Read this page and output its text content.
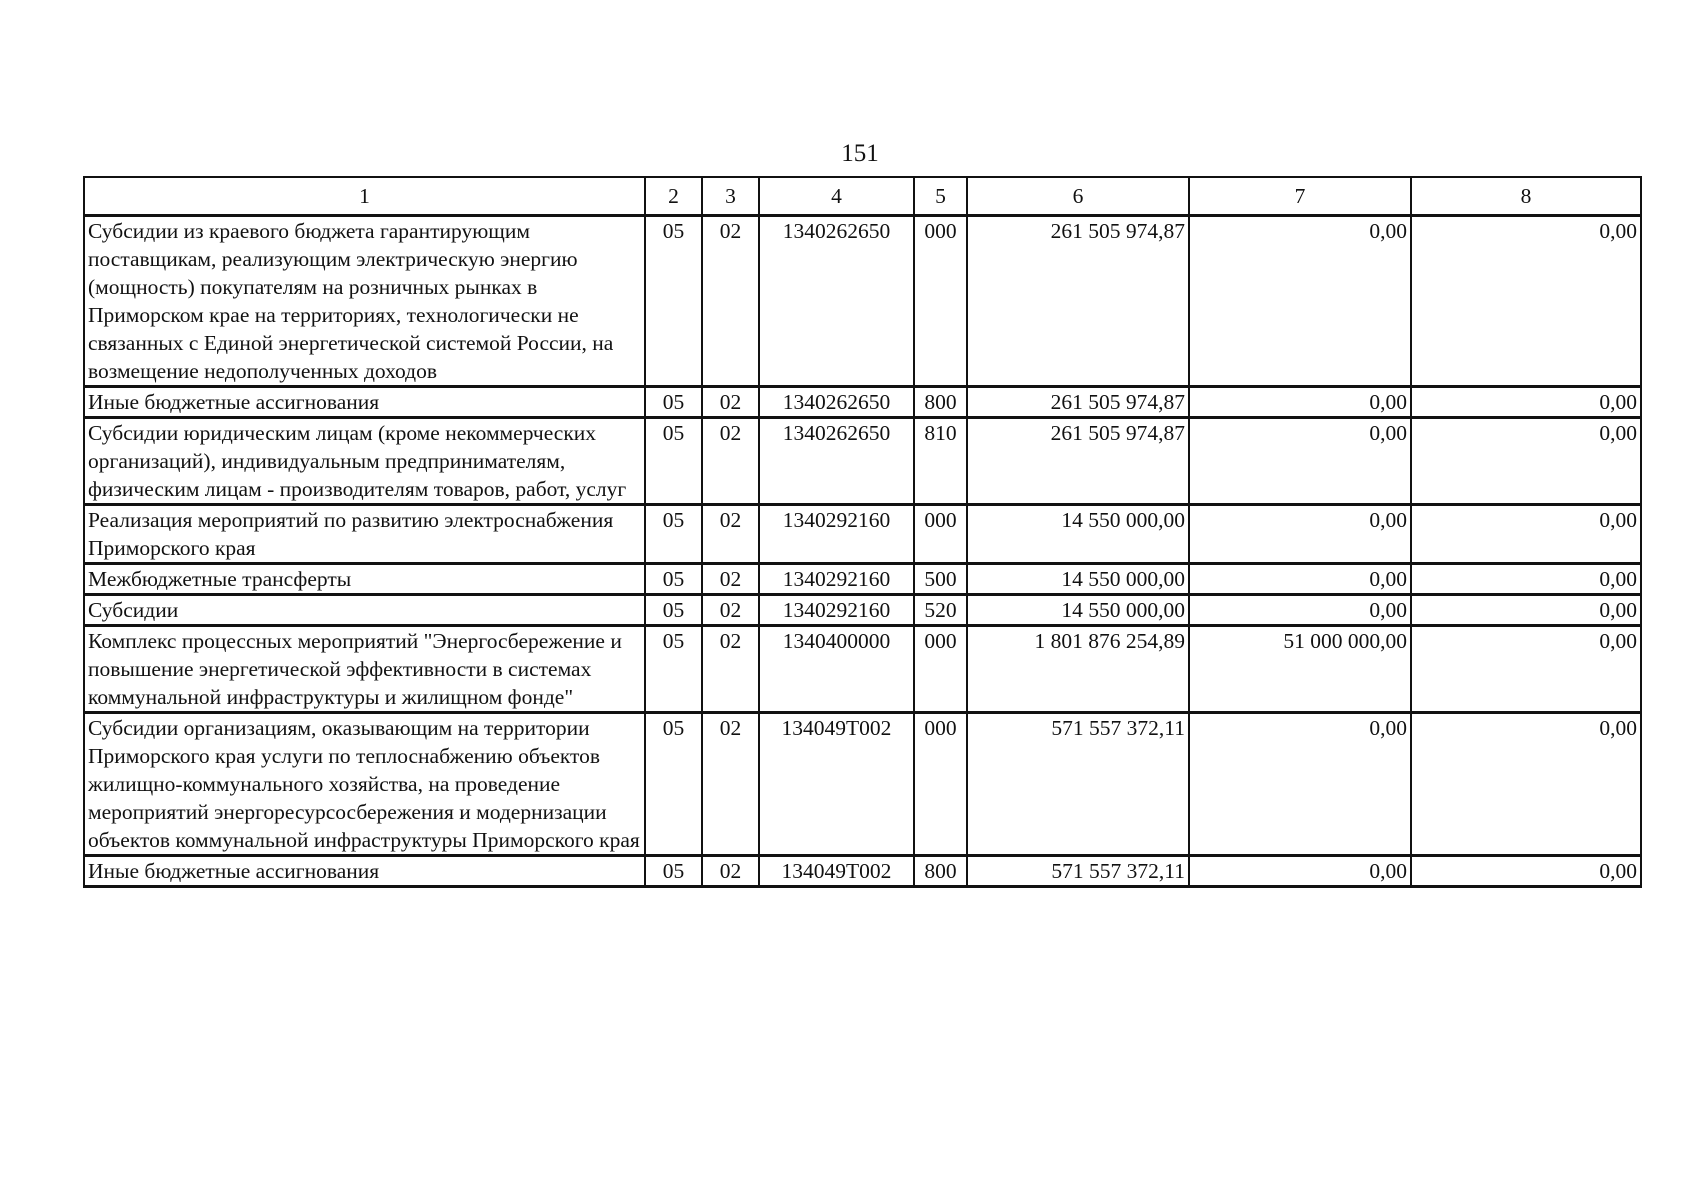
151
1	2	3	4	5	6	7	8
Субсидии из краевого бюджета гарантирующим поставщикам, реализующим электрическую энергию (мощность) покупателям на розничных рынках в Приморском крае на территориях, технологически не связанных с Единой энергетической системой России, на возмещение недополученных доходов	05	02	1340262650	000	261 505 974,87	0,00	0,00
Иные бюджетные ассигнования	05	02	1340262650	800	261 505 974,87	0,00	0,00
Субсидии юридическим лицам (кроме некоммерческих организаций), индивидуальным предпринимателям, физическим лицам - производителям товаров, работ, услуг	05	02	1340262650	810	261 505 974,87	0,00	0,00
Реализация мероприятий по развитию электроснабжения Приморского края	05	02	1340292160	000	14 550 000,00	0,00	0,00
Межбюджетные трансферты	05	02	1340292160	500	14 550 000,00	0,00	0,00
Субсидии	05	02	1340292160	520	14 550 000,00	0,00	0,00
Комплекс процессных мероприятий "Энергосбережение и повышение энергетической эффективности в системах коммунальной инфраструктуры и жилищном фонде"	05	02	1340400000	000	1 801 876 254,89	51 000 000,00	0,00
Субсидии организациям, оказывающим на территории Приморского края услуги по теплоснабжению объектов жилищно-коммунального хозяйства, на проведение мероприятий энергоресурсосбережения и модернизации объектов коммунальной инфраструктуры Приморского края	05	02	134049Т002	000	571 557 372,11	0,00	0,00
Иные бюджетные ассигнования	05	02	134049Т002	800	571 557 372,11	0,00	0,00
